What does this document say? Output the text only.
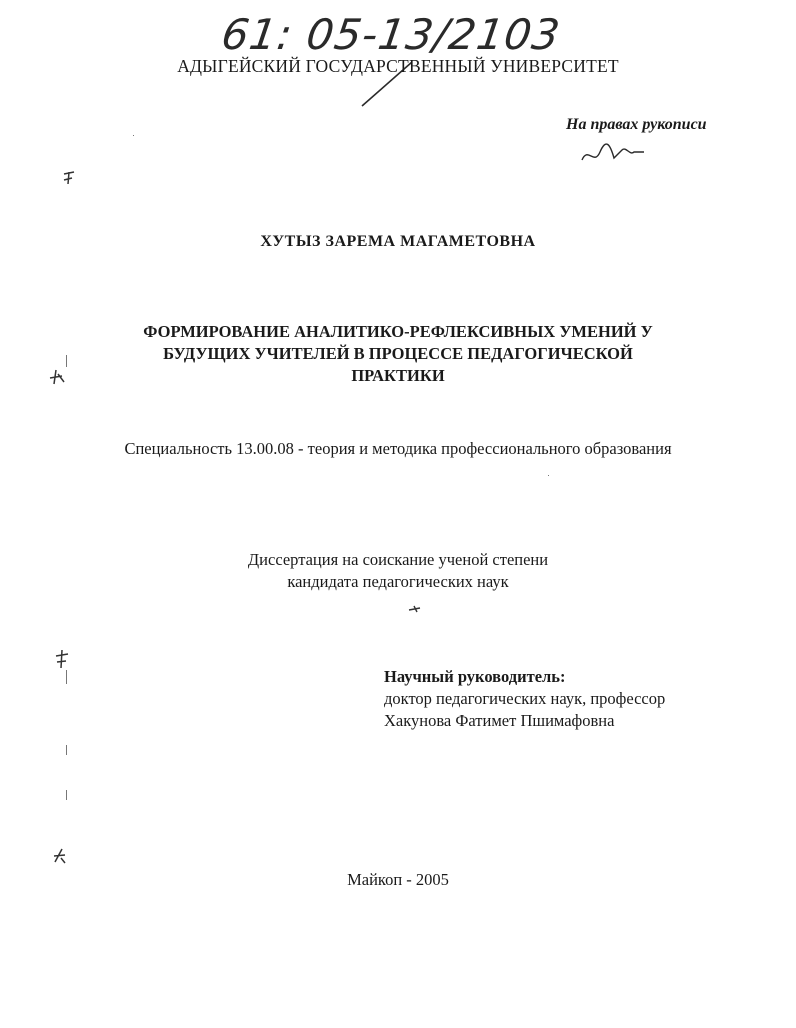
61: 05-13/2103
АДЫГЕЙСКИЙ ГОСУДАРСТВЕННЫЙ УНИВЕРСИТЕТ
На правах рукописи
ХУТЫЗ ЗАРЕМА МАГАМЕТОВНА
ФОРМИРОВАНИЕ АНАЛИТИКО-РЕФЛЕКСИВНЫХ УМЕНИЙ У
БУДУЩИХ УЧИТЕЛЕЙ В ПРОЦЕССЕ ПЕДАГОГИЧЕСКОЙ
ПРАКТИКИ
Специальность 13.00.08 - теория и методика профессионального образования
Диссертация на соискание ученой степени
кандидата педагогических наук
Научный руководитель:
доктор педагогических наук, профессор
Хакунова Фатимет Пшимафовна
Майкоп - 2005
